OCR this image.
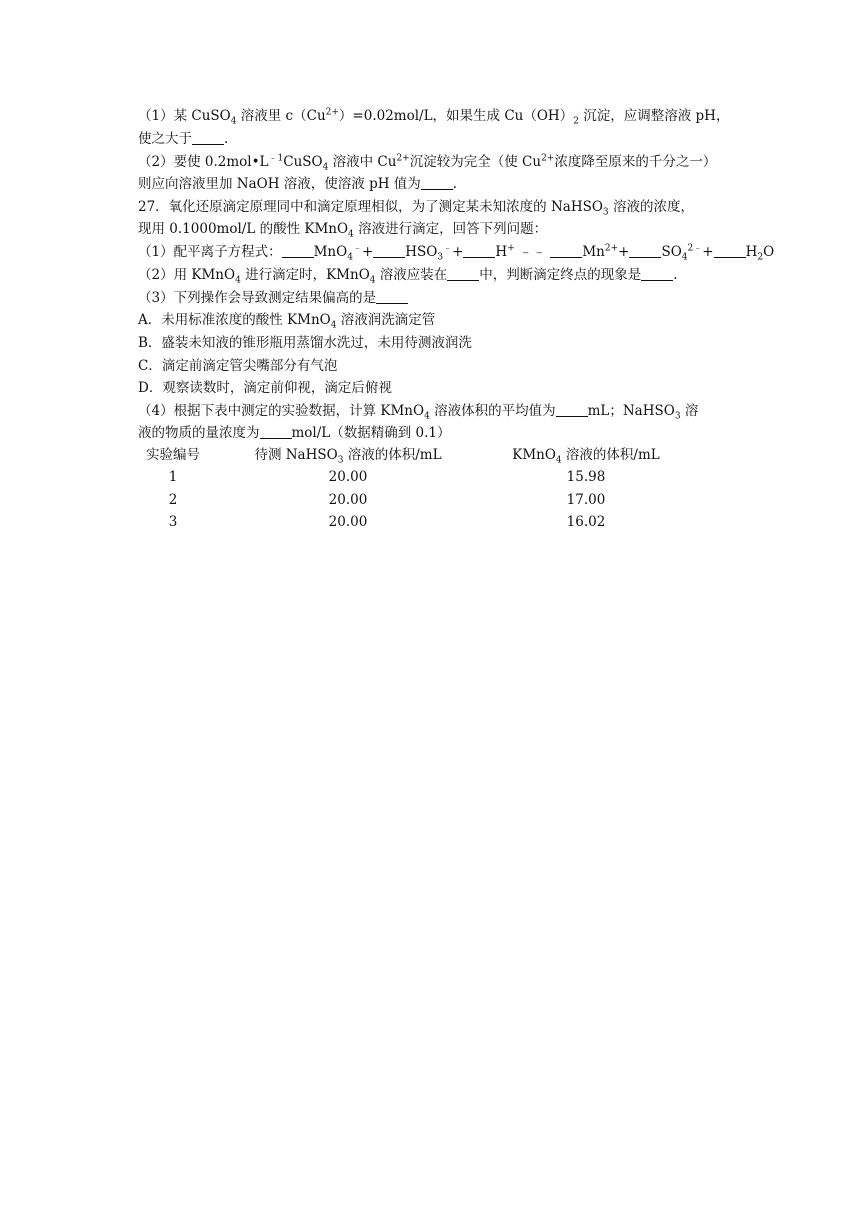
（1）某 CuSO$_4$ 溶液里 $c(Cu^{2+})=0.02mol/L$，如果生成 $Cu(OH)_2$ 沉淀，应调整溶液 pH，
使之大于 .
（2）要使 $0.2mol•L^{﹣1}CuSO_4$ 溶液中 $Cu^{2+}$沉淀较为完全（使 $Cu^{2+}$浓度降至原来的千分之一）
则应向溶液里加 NaOH 溶液，使溶液 pH 值为 .
27．氧化还原滴定原理同中和滴定原理相似，为了测定某未知浓度的 NaHSO$_3$ 溶液的浓度，
现用 0.1000mol/L 的酸性 KMnO$_4$ 溶液进行滴定，回答下列问题：
（1）配平离子方程式： $MnO_4^﹣+ HSO_3^﹣+ H^+$ ﹣﹣	$Mn^{2+}+ SO_4^{2﹣}+ H_2O$
（2）用 KMnO$_4$ 进行滴定时，KMnO$_4$ 溶液应装在 中，判断滴定终点的现象是 .
（3）下列操作会导致测定结果偏高的是
A．未用标准浓度的酸性 KMnO$_4$ 溶液润洗滴定管
B．盛装未知液的锥形瓶用蒸馏水洗过，未用待测液润洗
C．滴定前滴定管尖嘴部分有气泡
D．观察读数时，滴定前仰视，滴定后俯视
（4）根据下表中测定的实验数据，计算 KMnO$_4$ 溶液体积的平均值为 mL；NaHSO$_3$ 溶
液的物质的量浓度为 mol/L（数据精确到 0.1）
实验编号	待测 NaHSO$_3$ 溶液的体积/mL	KMnO$_4$ 溶液的体积/mL
1	20.00	15.98
2	20.00	17.00
3	20.00	16.02
